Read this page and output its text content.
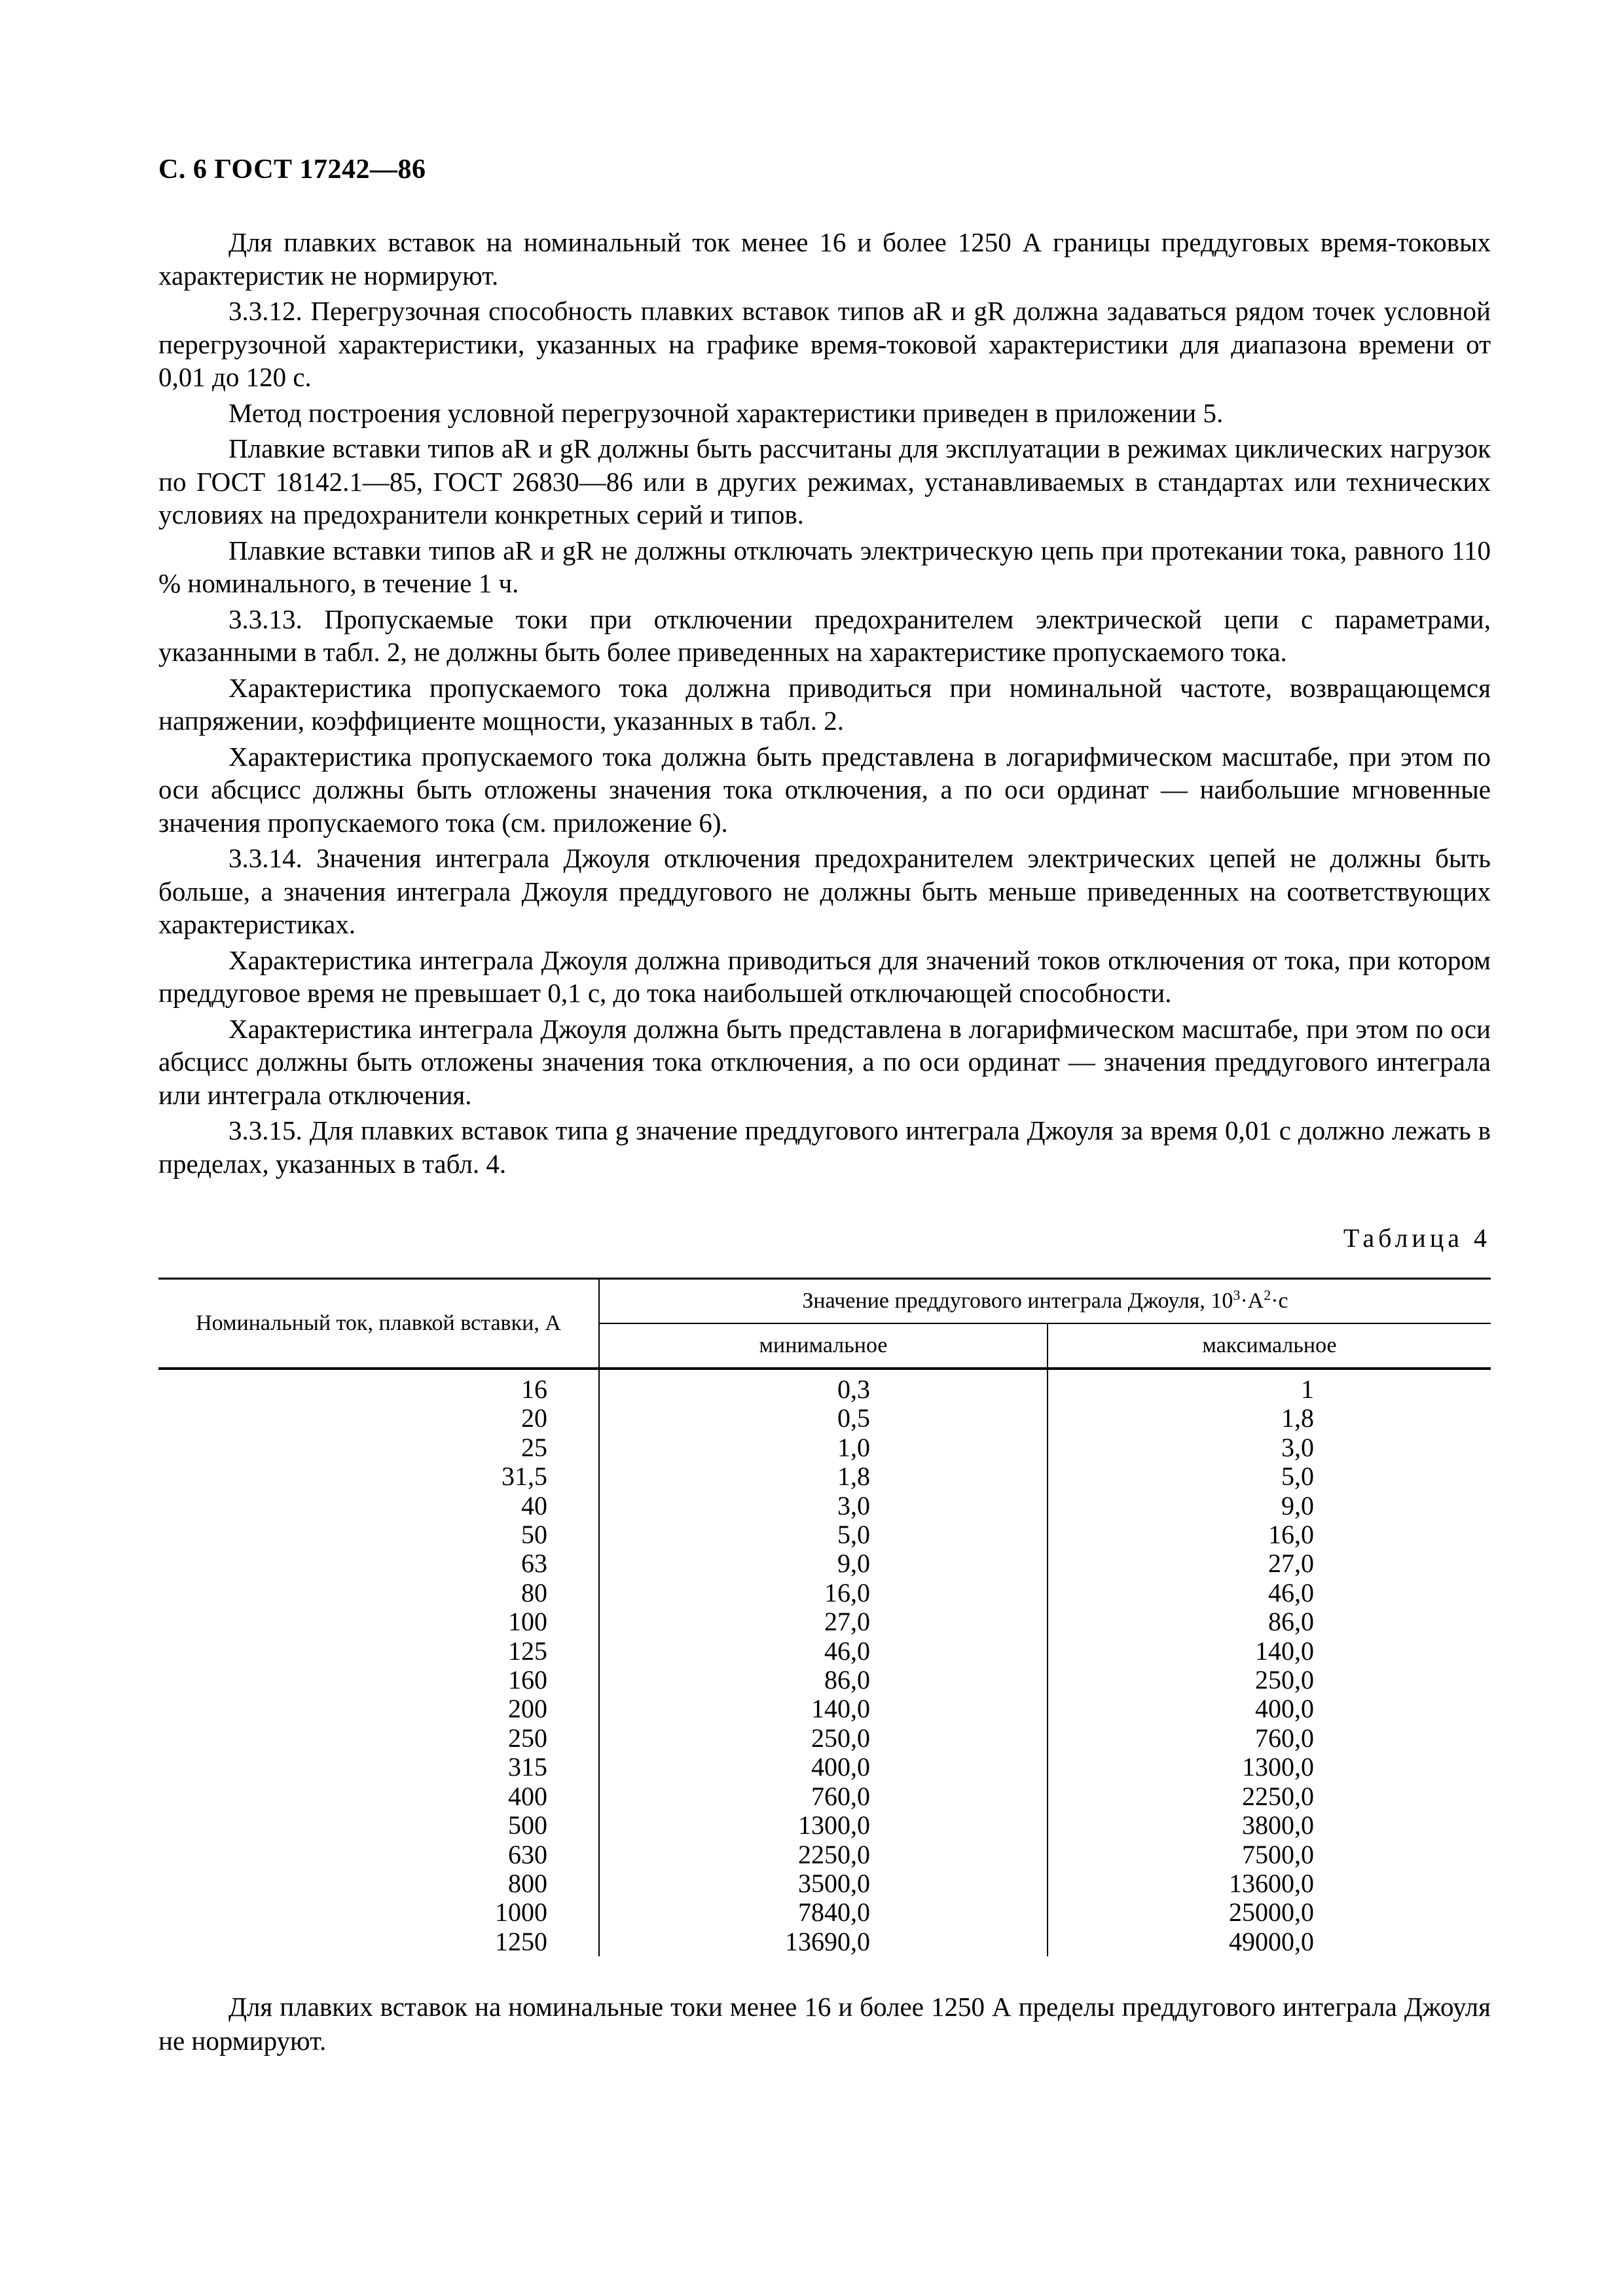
С. 6 ГОСТ 17242—86

Для плавких вставок на номинальный ток менее 16 и более 1250 А границы преддуговых время-токовых характеристик не нормируют.

3.3.12. Перегрузочная способность плавких вставок типов aR и gR должна задаваться рядом точек условной перегрузочной характеристики, указанных на графике время-токовой характеристики для диапазона времени от 0,01 до 120 с.

Метод построения условной перегрузочной характеристики приведен в приложении 5.

Плавкие вставки типов aR и gR должны быть рассчитаны для эксплуатации в режимах циклических нагрузок по ГОСТ 18142.1—85, ГОСТ 26830—86 или в других режимах, устанавливаемых в стандартах или технических условиях на предохранители конкретных серий и типов.

Плавкие вставки типов aR и gR не должны отключать электрическую цепь при протекании тока, равного 110 % номинального, в течение 1 ч.

3.3.13. Пропускаемые токи при отключении предохранителем электрической цепи с параметрами, указанными в табл. 2, не должны быть более приведенных на характеристике пропускаемого тока.

Характеристика пропускаемого тока должна приводиться при номинальной частоте, возвращающемся напряжении, коэффициенте мощности, указанных в табл. 2.

Характеристика пропускаемого тока должна быть представлена в логарифмическом масштабе, при этом по оси абсцисс должны быть отложены значения тока отключения, а по оси ординат — наибольшие мгновенные значения пропускаемого тока (см. приложение 6).

3.3.14. Значения интеграла Джоуля отключения предохранителем электрических цепей не должны быть больше, а значения интеграла Джоуля преддугового не должны быть меньше приведенных на соответствующих характеристиках.

Характеристика интеграла Джоуля должна приводиться для значений токов отключения от тока, при котором преддуговое время не превышает 0,1 с, до тока наибольшей отключающей способности.

Характеристика интеграла Джоуля должна быть представлена в логарифмическом масштабе, при этом по оси абсцисс должны быть отложены значения тока отключения, а по оси ординат — значения преддугового интеграла или интеграла отключения.

3.3.15. Для плавких вставок типа g значение преддугового интеграла Джоуля за время 0,01 с должно лежать в пределах, указанных в табл. 4.

Таблица 4
Номинальный ток, плавкой вставки, А	Значение преддугового интеграла Джоуля, $10^3\cdot А^2\cdot с$	
	минимальное	максимальное
16	0,3	1
20	0,5	1,8
25	1,0	3,0
31,5	1,8	5,0
40	3,0	9,0
50	5,0	16,0
63	9,0	27,0
80	16,0	46,0
100	27,0	86,0
125	46,0	140,0
160	86,0	250,0
200	140,0	400,0
250	250,0	760,0
315	400,0	1300,0
400	760,0	2250,0
500	1300,0	3800,0
630	2250,0	7500,0
800	3500,0	13600,0
1000	7840,0	25000,0
1250	13690,0	49000,0

Для плавких вставок на номинальные токи менее 16 и более 1250 А пределы преддугового интеграла Джоуля не нормируют.
